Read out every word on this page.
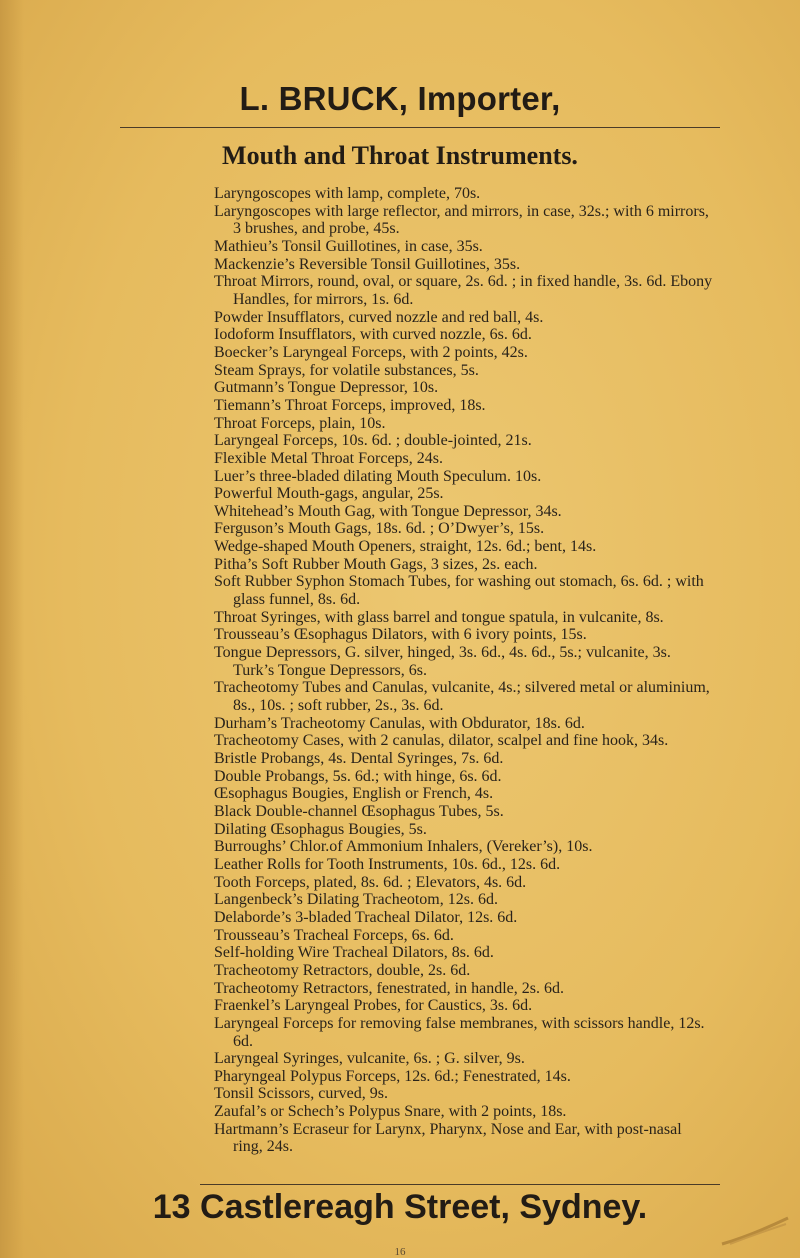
L. BRUCK, Importer,
Mouth and Throat Instruments.
Laryngoscopes with lamp, complete, 70s.
Laryngoscopes with large reflector, and mirrors, in case, 32s.; with 6 mirrors, 3 brushes, and probe, 45s.
Mathieu’s Tonsil Guillotines, in case, 35s.
Mackenzie’s Reversible Tonsil Guillotines, 35s.
Throat Mirrors, round, oval, or square, 2s. 6d. ; in fixed handle, 3s. 6d. Ebony Handles, for mirrors, 1s. 6d.
Powder Insufflators, curved nozzle and red ball, 4s.
Iodoform Insufflators, with curved nozzle, 6s. 6d.
Boecker’s Laryngeal Forceps, with 2 points, 42s.
Steam Sprays, for volatile substances, 5s.
Gutmann’s Tongue Depressor, 10s.
Tiemann’s Throat Forceps, improved, 18s.
Throat Forceps, plain, 10s.
Laryngeal Forceps, 10s. 6d. ; double-jointed, 21s.
Flexible Metal Throat Forceps, 24s.
Luer’s three-bladed dilating Mouth Speculum. 10s.
Powerful Mouth-gags, angular, 25s.
Whitehead’s Mouth Gag, with Tongue Depressor, 34s.
Ferguson’s Mouth Gags, 18s. 6d. ; O’Dwyer’s, 15s.
Wedge-shaped Mouth Openers, straight, 12s. 6d.; bent, 14s.
Pitha’s Soft Rubber Mouth Gags, 3 sizes, 2s. each.
Soft Rubber Syphon Stomach Tubes, for washing out stomach, 6s. 6d. ; with glass funnel, 8s. 6d.
Throat Syringes, with glass barrel and tongue spatula, in vulcanite, 8s.
Trousseau’s Œsophagus Dilators, with 6 ivory points, 15s.
Tongue Depressors, G. silver, hinged, 3s. 6d., 4s. 6d., 5s.; vulcanite, 3s. Turk’s Tongue Depressors, 6s.
Tracheotomy Tubes and Canulas, vulcanite, 4s.; silvered metal or aluminium, 8s., 10s. ; soft rubber, 2s., 3s. 6d.
Durham’s Tracheotomy Canulas, with Obdurator, 18s. 6d.
Tracheotomy Cases, with 2 canulas, dilator, scalpel and fine hook, 34s.
Bristle Probangs, 4s. Dental Syringes, 7s. 6d.
Double Probangs, 5s. 6d.; with hinge, 6s. 6d.
Œsophagus Bougies, English or French, 4s.
Black Double-channel Œsophagus Tubes, 5s.
Dilating Œsophagus Bougies, 5s.
Burroughs’ Chlor.of Ammonium Inhalers, (Vereker’s), 10s.
Leather Rolls for Tooth Instruments, 10s. 6d., 12s. 6d.
Tooth Forceps, plated, 8s. 6d. ; Elevators, 4s. 6d.
Langenbeck’s Dilating Tracheotom, 12s. 6d.
Delaborde’s 3-bladed Tracheal Dilator, 12s. 6d.
Trousseau’s Tracheal Forceps, 6s. 6d.
Self-holding Wire Tracheal Dilators, 8s. 6d.
Tracheotomy Retractors, double, 2s. 6d.
Tracheotomy Retractors, fenestrated, in handle, 2s. 6d.
Fraenkel’s Laryngeal Probes, for Caustics, 3s. 6d.
Laryngeal Forceps for removing false membranes, with scissors handle, 12s. 6d.
Laryngeal Syringes, vulcanite, 6s. ; G. silver, 9s.
Pharyngeal Polypus Forceps, 12s. 6d.; Fenestrated, 14s.
Tonsil Scissors, curved, 9s.
Zaufal’s or Schech’s Polypus Snare, with 2 points, 18s.
Hartmann’s Ecraseur for Larynx, Pharynx, Nose and Ear, with post-nasal ring, 24s.
13 Castlereagh Street, Sydney.
16
